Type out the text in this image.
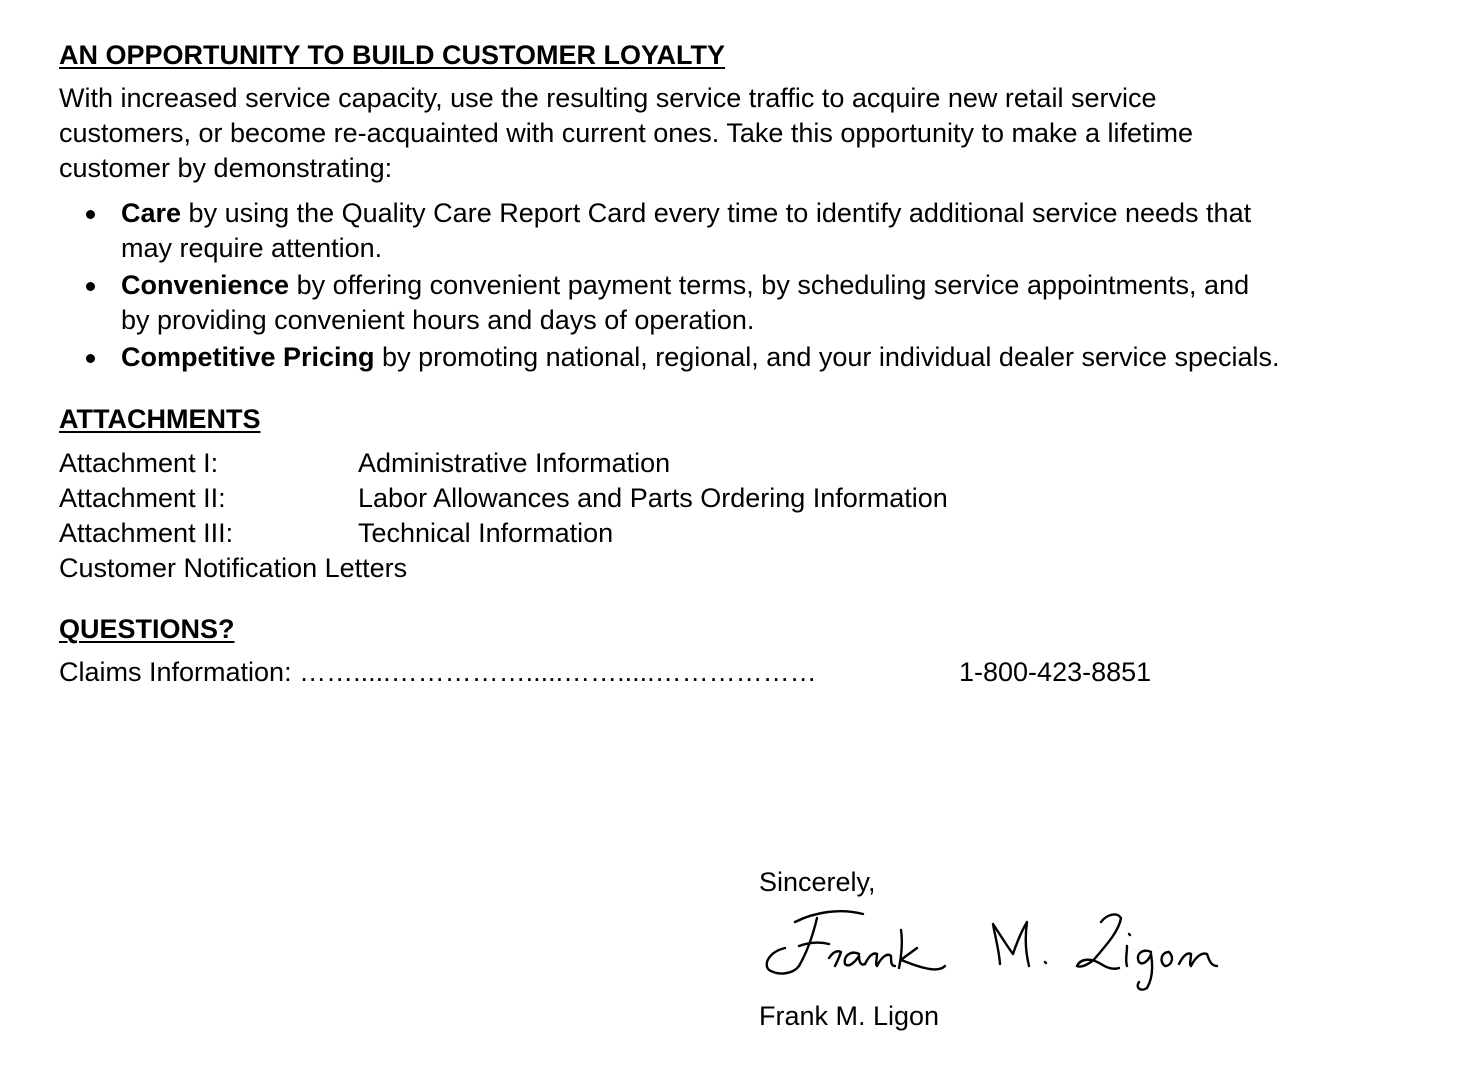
AN OPPORTUNITY TO BUILD CUSTOMER LOYALTY
With increased service capacity, use the resulting service traffic to acquire new retail service
customers, or become re-acquainted with current ones. Take this opportunity to make a lifetime
customer by demonstrating:
Care by using the Quality Care Report Card every time to identify additional service needs that
may require attention.
Convenience by offering convenient payment terms, by scheduling service appointments, and
by providing convenient hours and days of operation.
Competitive Pricing by promoting national, regional, and your individual dealer service specials.
ATTACHMENTS
Attachment I:	Administrative Information
Attachment II:	Labor Allowances and Parts Ordering Information
Attachment III:	Technical Information
Customer Notification Letters
QUESTIONS?
Claims Information: …….....…………….....…….....………………	1-800-423-8851
Sincerely,
Frank M. Ligon
